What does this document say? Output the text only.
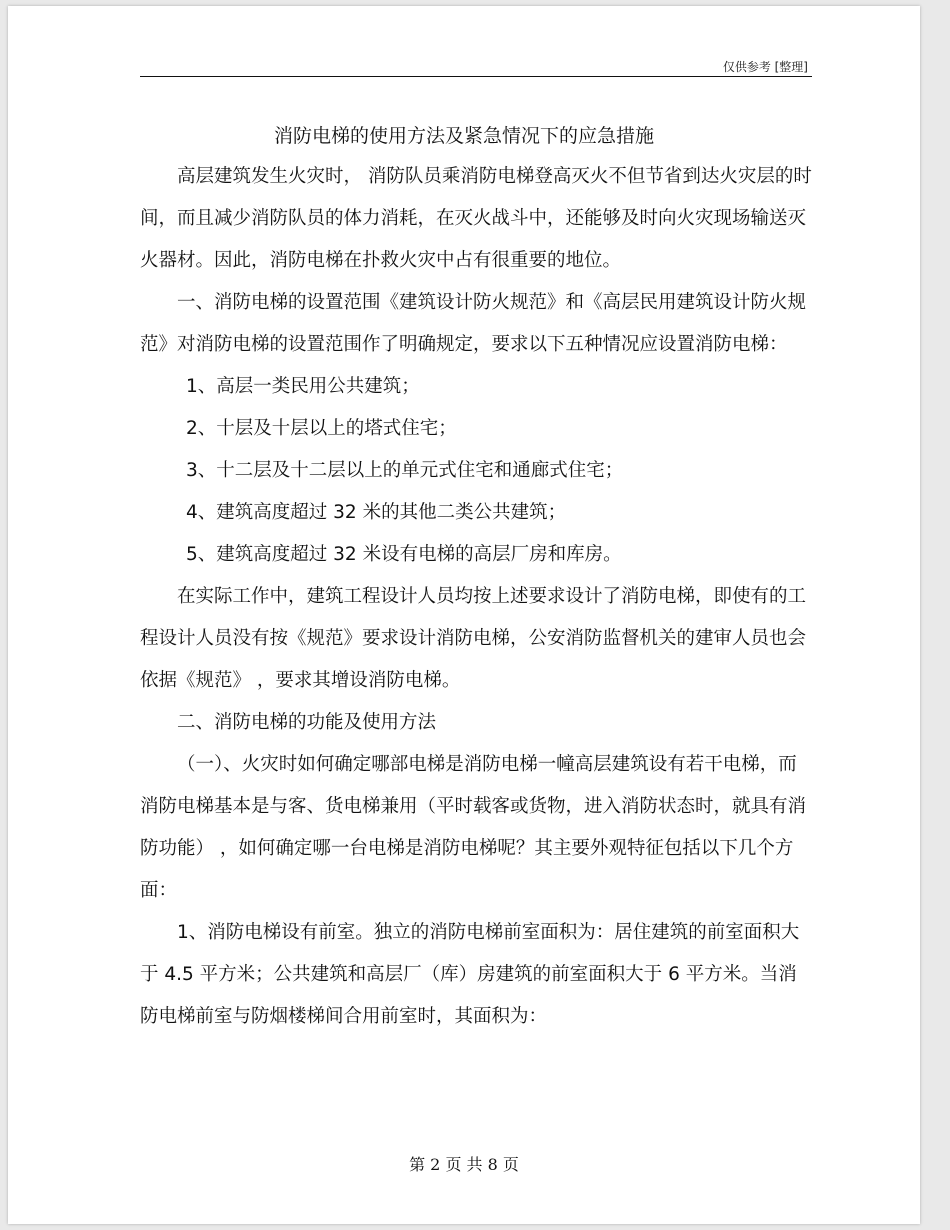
仅供参考 [整理]
消防电梯的使用方法及紧急情况下的应急措施

高层建筑发生火灾时， 消防队员乘消防电梯登高灭火不但节省到达火灾层的时间，而且减少消防队员的体力消耗，在灭火战斗中，还能够及时向火灾现场输送灭火器材。因此，消防电梯在扑救火灾中占有很重要的地位。

一、消防电梯的设置范围《建筑设计防火规范》和《高层民用建筑设计防火规范》对消防电梯的设置范围作了明确规定，要求以下五种情况应设置消防电梯：

1、高层一类民用公共建筑；

2、十层及十层以上的塔式住宅；

3、十二层及十二层以上的单元式住宅和通廊式住宅；

4、建筑高度超过 32 米的其他二类公共建筑；

5、建筑高度超过 32 米设有电梯的高层厂房和库房。

在实际工作中，建筑工程设计人员均按上述要求设计了消防电梯，即使有的工程设计人员没有按《规范》要求设计消防电梯，公安消防监督机关的建审人员也会依据《规范》 ，要求其增设消防电梯。

二、消防电梯的功能及使用方法

（一）、火灾时如何确定哪部电梯是消防电梯一幢高层建筑设有若干电梯，而消防电梯基本是与客、货电梯兼用（平时载客或货物，进入消防状态时，就具有消防功能） ，如何确定哪一台电梯是消防电梯呢？其主要外观特征包括以下几个方面：

1、消防电梯设有前室。独立的消防电梯前室面积为：居住建筑的前室面积大于 4.5 平方米；公共建筑和高层厂（库）房建筑的前室面积大于 6 平方米。当消防电梯前室与防烟楼梯间合用前室时，其面积为：

第 2 页 共 8 页
